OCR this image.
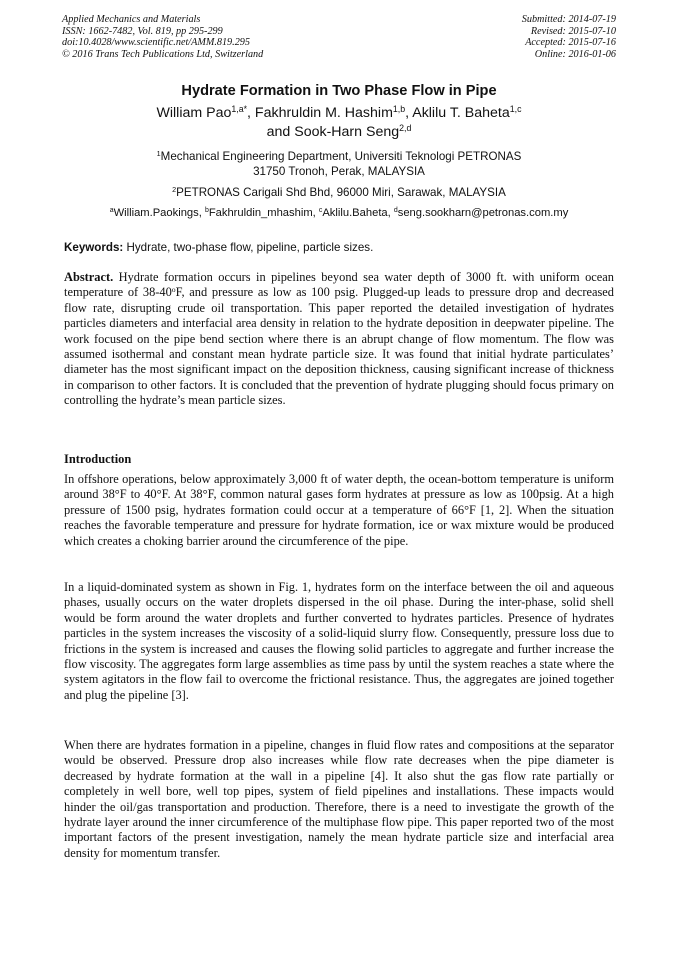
Applied Mechanics and Materials
ISSN: 1662-7482, Vol. 819, pp 295-299
doi:10.4028/www.scientific.net/AMM.819.295
© 2016 Trans Tech Publications Ltd, Switzerland
Submitted: 2014-07-19
Revised: 2015-07-10
Accepted: 2015-07-16
Online: 2016-01-06
Hydrate Formation in Two Phase Flow in Pipe
William Pao$^{1,a*}$, Fakhruldin M. Hashim$^{1,b}$, Aklilu T. Baheta$^{1,c}$
and Sook-Harn Seng$^{2,d}$
$^1$Mechanical Engineering Department, Universiti Teknologi PETRONAS
31750 Tronoh, Perak, MALAYSIA
$^2$PETRONAS Carigali Shd Bhd, 96000 Miri, Sarawak, MALAYSIA
$^a$William.Paokings, $^b$Fakhruldin_mhashim, $^c$Aklilu.Baheta, $^d$seng.sookharn@petronas.com.my
Keywords: Hydrate, two-phase flow, pipeline, particle sizes.

Abstract. Hydrate formation occurs in pipelines beyond sea water depth of 3000 ft. with uniform ocean temperature of 38-40$^o$F, and pressure as low as 100 psig. Plugged-up leads to pressure drop and decreased flow rate, disrupting crude oil transportation. This paper reported the detailed investigation of hydrates particles diameters and interfacial area density in relation to the hydrate deposition in deepwater pipeline. The work focused on the pipe bend section where there is an abrupt change of flow momentum. The flow was assumed isothermal and constant mean hydrate particle size. It was found that initial hydrate particulates’ diameter has the most significant impact on the deposition thickness, causing significant increase of thickness in comparison to other factors. It is concluded that the prevention of hydrate plugging should focus primary on controlling the hydrate’s mean particle sizes.

Introduction

In offshore operations, below approximately 3,000 ft of water depth, the ocean-bottom temperature is uniform around 38°F to 40°F. At 38°F, common natural gases form hydrates at pressure as low as 100psig. At a high pressure of 1500 psig, hydrates formation could occur at a temperature of 66°F [1, 2]. When the situation reaches the favorable temperature and pressure for hydrate formation, ice or wax mixture would be produced which creates a choking barrier around the circumference of the pipe.

In a liquid-dominated system as shown in Fig. 1, hydrates form on the interface between the oil and aqueous phases, usually occurs on the water droplets dispersed in the oil phase. During the inter-phase, solid shell would be form around the water droplets and further converted to hydrates particles. Presence of hydrates particles in the system increases the viscosity of a solid-liquid slurry flow. Consequently, pressure loss due to frictions in the system is increased and causes the flowing solid particles to aggregate and further increase the flow viscosity. The aggregates form large assemblies as time pass by until the system reaches a state where the system agitators in the flow fail to overcome the frictional resistance. Thus, the aggregates are joined together and plug the pipeline [3].

When there are hydrates formation in a pipeline, changes in fluid flow rates and compositions at the separator would be observed. Pressure drop also increases while flow rate decreases when the pipe diameter is decreased by hydrate formation at the wall in a pipeline [4]. It also shut the gas flow rate partially or completely in well bore, well top pipes, system of field pipelines and installations. These impacts would hinder the oil/gas transportation and production. Therefore, there is a need to investigate the growth of the hydrate layer around the inner circumference of the multiphase flow pipe. This paper reported two of the most important factors of the present investigation, namely the mean hydrate particle size and interfacial area density for momentum transfer.
